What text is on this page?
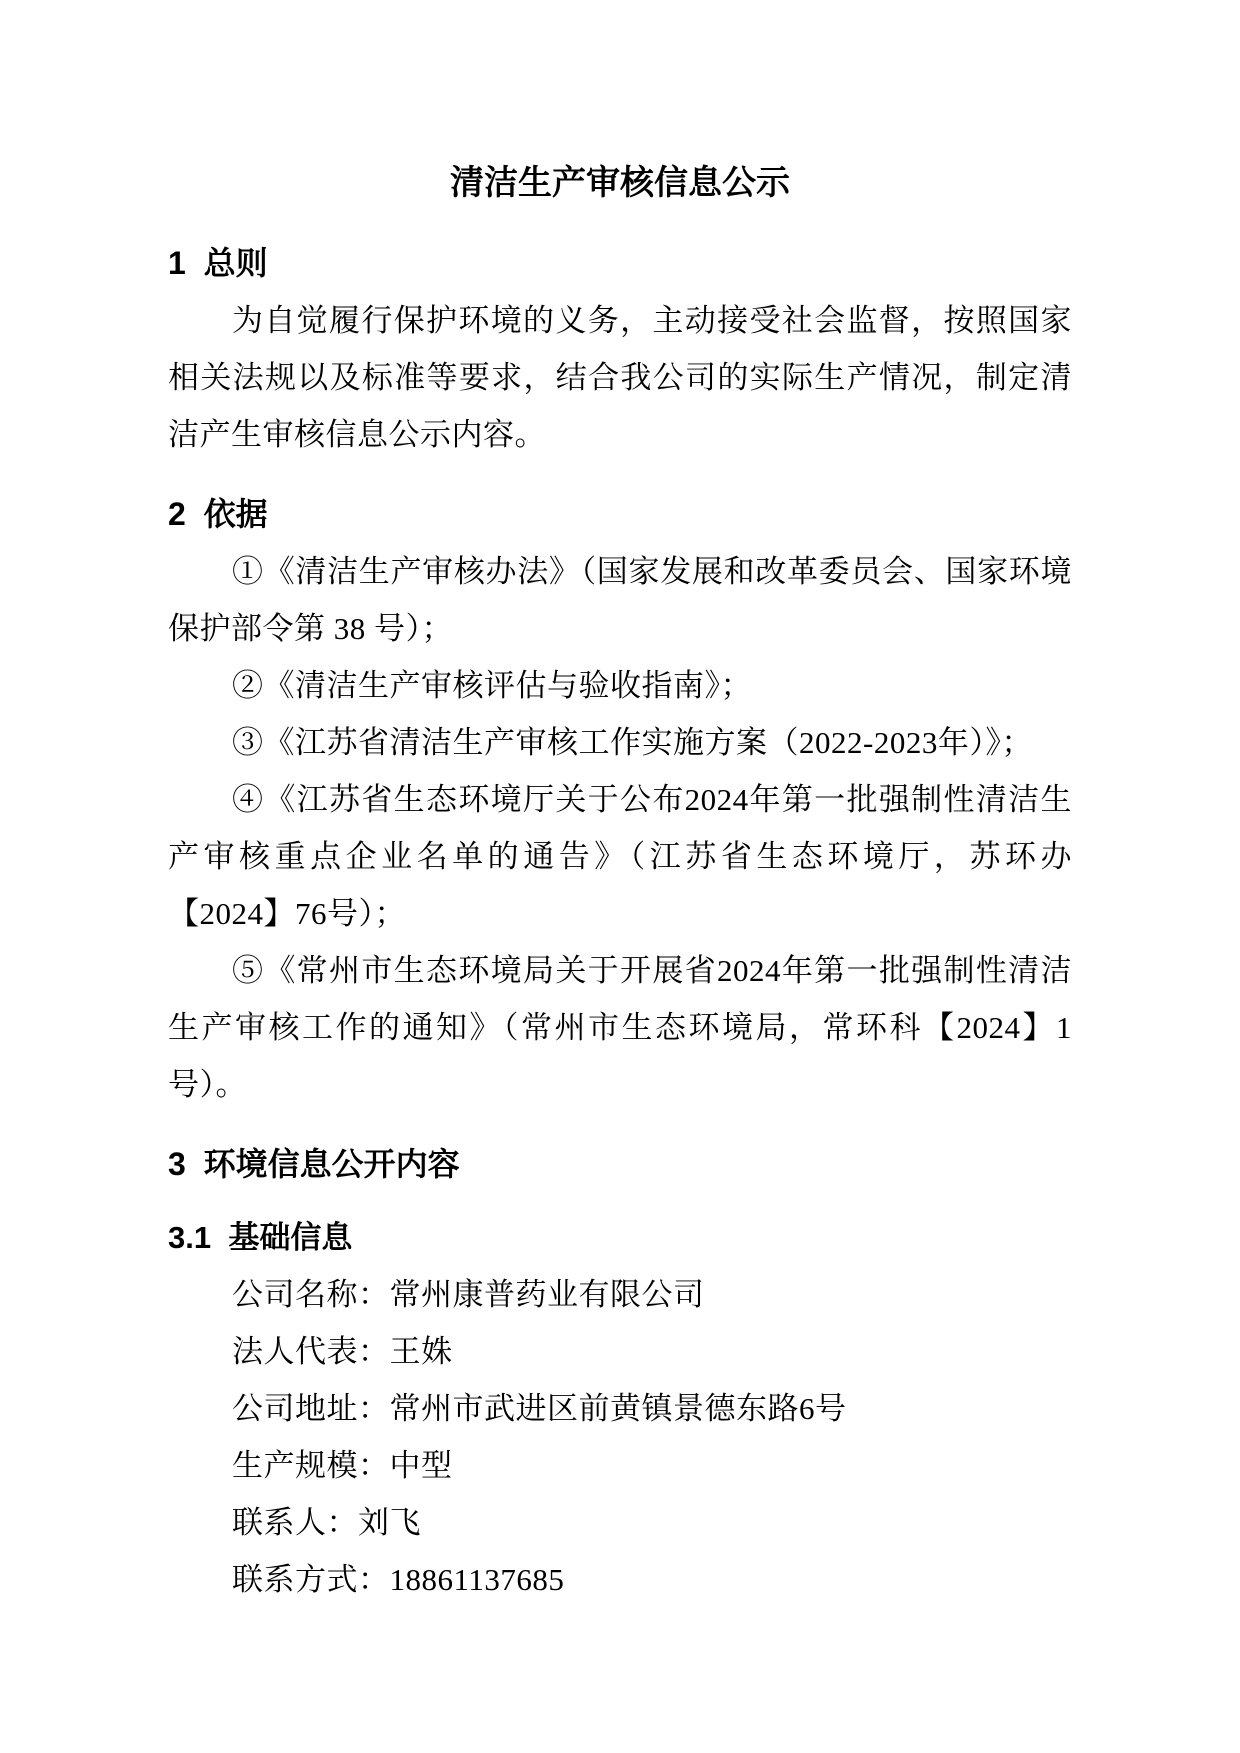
清洁生产审核信息公示
1  总则

为自觉履行保护环境的义务，主动接受社会监督，按照国家相关法规以及标准等要求，结合我公司的实际生产情况，制定清洁产生审核信息公示内容。

2  依据

①《清洁生产审核办法》（国家发展和改革委员会、国家环境保护部令第 38 号）；

②《清洁生产审核评估与验收指南》；

③《江苏省清洁生产审核工作实施方案（2022-2023年）》；

④《江苏省生态环境厅关于公布2024年第一批强制性清洁生产审核重点企业名单的通告》（江苏省生态环境厅，苏环办【2024】76号）；

⑤《常州市生态环境局关于开展省2024年第一批强制性清洁生产审核工作的通知》（常州市生态环境局，常环科【2024】1号）。

3  环境信息公开内容
3.1  基础信息

公司名称：常州康普药业有限公司

法人代表：王姝

公司地址：常州市武进区前黄镇景德东路6号

生产规模：中型

联系人：刘飞

联系方式：18861137685
